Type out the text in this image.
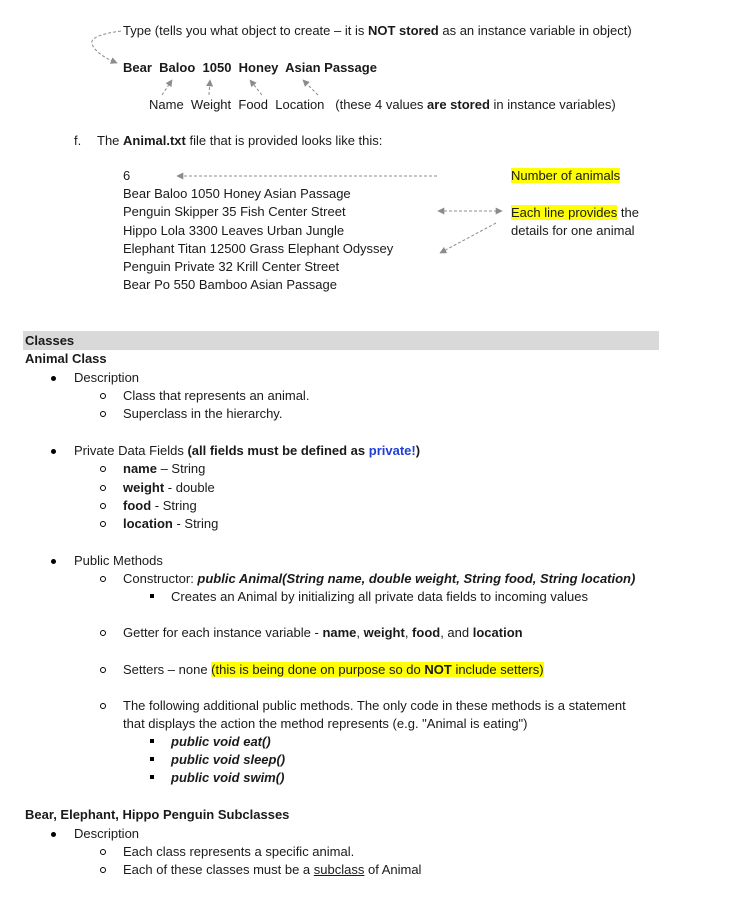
Type (tells you what object to create – it is NOT stored as an instance variable in object)
Bear Baloo 1050 Honey Asian Passage
Name Weight Food Location (these 4 values are stored in instance variables)
f. The Animal.txt file that is provided looks like this:
6
Bear Baloo 1050 Honey Asian Passage
Penguin Skipper 35 Fish Center Street
Hippo Lola 3300 Leaves Urban Jungle
Elephant Titan 12500 Grass Elephant Odyssey
Penguin Private 32 Krill Center Street
Bear Po 550 Bamboo Asian Passage
Number of animals
Each line provides the
details for one animal
Classes
Animal Class
Description
Class that represents an animal.
Superclass in the hierarchy.
Private Data Fields (all fields must be defined as private!)
name – String
weight - double
food - String
location - String
Public Methods
Constructor: public Animal(String name, double weight, String food, String location)
Creates an Animal by initializing all private data fields to incoming values
Getter for each instance variable - name, weight, food, and location
Setters – none (this is being done on purpose so do NOT include setters)
The following additional public methods. The only code in these methods is a statement
that displays the action the method represents (e.g. "Animal is eating")
public void eat()
public void sleep()
public void swim()
Bear, Elephant, Hippo Penguin Subclasses
Description
Each class represents a specific animal.
Each of these classes must be a subclass of Animal
